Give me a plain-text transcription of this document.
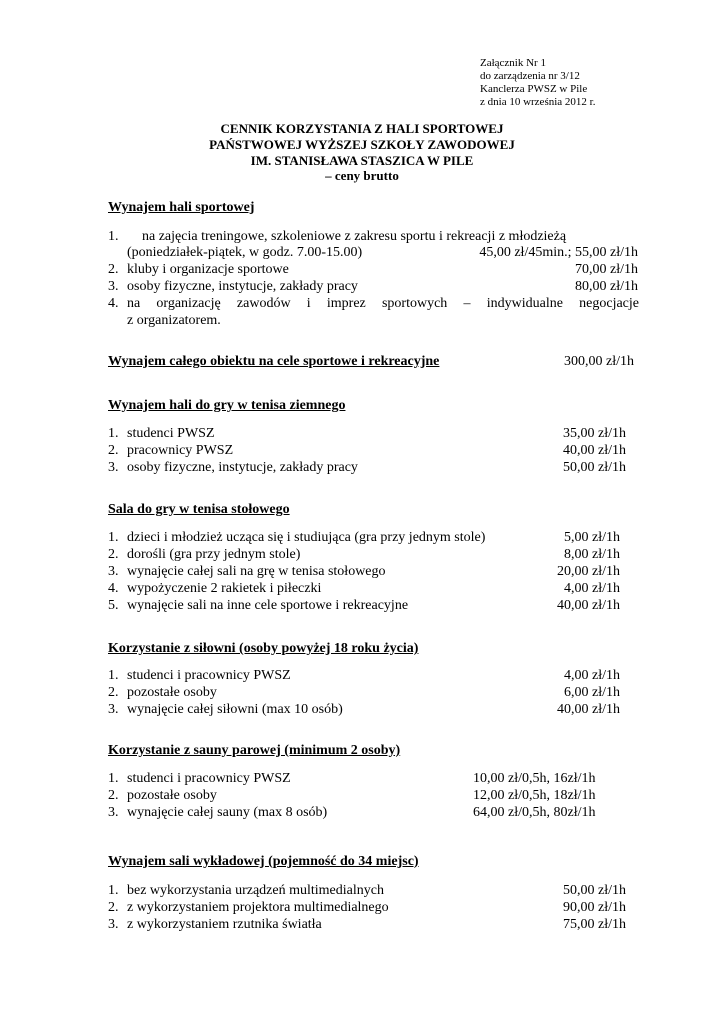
Załącznik Nr 1
do zarządzenia nr 3/12
Kanclerza PWSZ w Pile
z dnia 10 września 2012 r.
CENNIK KORZYSTANIA Z HALI SPORTOWEJ
PAŃSTWOWEJ WYŻSZEJ SZKOŁY ZAWODOWEJ
IM. STANISŁAWA STASZICA W PILE
– ceny brutto
Wynajem hali sportowej
1.	na zajęcia treningowe, szkoleniowe z zakresu sportu i rekreacji z młodzieżą
(poniedziałek-piątek, w godz. 7.00-15.00)	45,00 zł/45min.; 55,00 zł/1h
2. kluby i organizacje sportowe	70,00 zł/1h
3. osoby fizyczne, instytucje, zakłady pracy	80,00 zł/1h
4. na organizację zawodów i imprez sportowych – indywidualne negocjacje
z organizatorem.
Wynajem całego obiektu na cele sportowe i rekreacyjne	300,00 zł/1h
Wynajem hali do gry w tenisa ziemnego
1. studenci PWSZ	35,00 zł/1h
2. pracownicy PWSZ	40,00 zł/1h
3. osoby fizyczne, instytucje, zakłady pracy	50,00 zł/1h
Sala do gry w tenisa stołowego
1. dzieci i młodzież ucząca się i studiująca (gra przy jednym stole)	5,00 zł/1h
2. dorośli (gra przy jednym stole)	8,00 zł/1h
3. wynajęcie całej sali na grę w tenisa stołowego	20,00 zł/1h
4. wypożyczenie 2 rakietek i piłeczki	4,00 zł/1h
5. wynajęcie sali na inne cele sportowe i rekreacyjne	40,00 zł/1h
Korzystanie z siłowni (osoby powyżej 18 roku życia)
1. studenci i pracownicy PWSZ	4,00 zł/1h
2. pozostałe osoby	6,00 zł/1h
3. wynajęcie całej siłowni (max 10 osób)	40,00 zł/1h
Korzystanie z sauny parowej (minimum 2 osoby)
1. studenci i pracownicy PWSZ	10,00 zł/0,5h, 16zł/1h
2. pozostałe osoby	12,00 zł/0,5h, 18zł/1h
3. wynajęcie całej sauny (max 8 osób)	64,00 zł/0,5h, 80zł/1h
Wynajem sali wykładowej (pojemność do 34 miejsc)
1. bez wykorzystania urządzeń multimedialnych	50,00 zł/1h
2. z wykorzystaniem projektora multimedialnego	90,00 zł/1h
3. z wykorzystaniem rzutnika światła	75,00 zł/1h
